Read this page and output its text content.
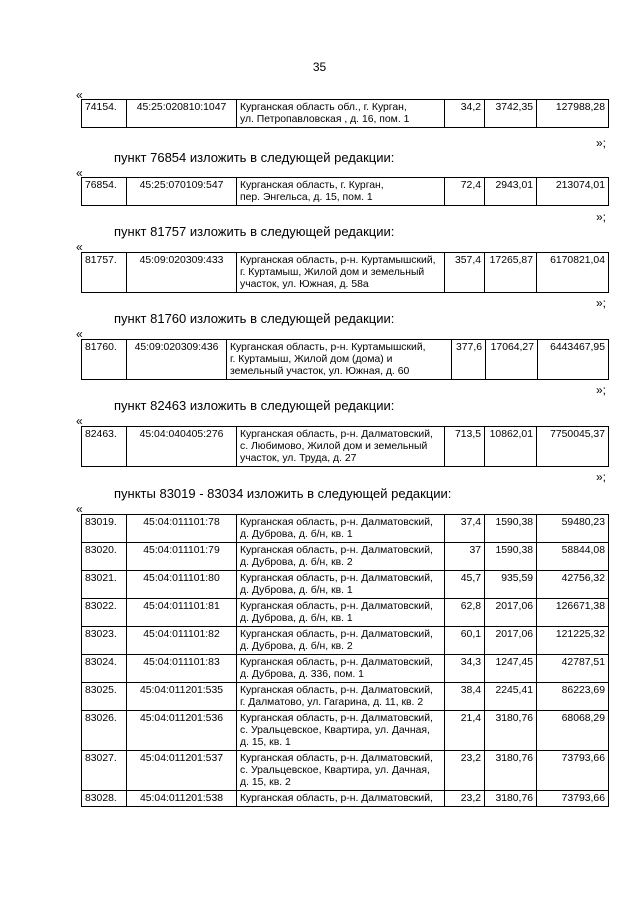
35
«
74154.	45:25:020810:1047	Курганская область обл., г. Курган,
ул. Петропавловская , д. 16, пом. 1
	34,2	3742,35	127988,28
»;
пункт 76854 изложить в следующей редакции:
«
76854.	45:25:070109:547	Курганская область, г. Курган,
пер. Энгельса, д. 15, пом. 1
	72,4	2943,01	213074,01
»;
пункт 81757 изложить в следующей редакции:
«
81757.	45:09:020309:433	Курганская область, р-н. Куртамышский,
г. Куртамыш, Жилой дом и земельный
участок, ул. Южная, д. 58а
	357,4	17265,87	6170821,04
»;
пункт 81760 изложить в следующей редакции:
«
81760.	45:09:020309:436	Курганская область, р-н. Куртамышский,
г. Куртамыш, Жилой дом (дома) и
земельный участок, ул. Южная, д. 60
	377,6	17064,27	6443467,95
»;
пункт 82463 изложить в следующей редакции:
«
82463.	45:04:040405:276	Курганская область, р-н. Далматовский,
с. Любимово, Жилой дом и земельный
участок, ул. Труда, д. 27
	713,5	10862,01	7750045,37
»;
пункты 83019 - 83034 изложить в следующей редакции:
«
83019.	45:04:011101:78	Курганская область, р-н. Далматовский,
д. Дуброва, д. б/н, кв. 1	37,4	1590,38	59480,23
83020.	45:04:011101:79	Курганская область, р-н. Далматовский,
д. Дуброва, д. б/н, кв. 2	37	1590,38	58844,08
83021.	45:04:011101:80	Курганская область, р-н. Далматовский,
д. Дуброва, д. б/н, кв. 1	45,7	935,59	42756,32
83022.	45:04:011101:81	Курганская область, р-н. Далматовский,
д. Дуброва, д. б/н, кв. 1	62,8	2017,06	126671,38
83023.	45:04:011101:82	Курганская область, р-н. Далматовский,
д. Дуброва, д. б/н, кв. 2	60,1	2017,06	121225,32
83024.	45:04:011101:83	Курганская область, р-н. Далматовский,
д. Дуброва, д. 336, пом. 1	34,3	1247,45	42787,51
83025.	45:04:011201:535	Курганская область, р-н. Далматовский,
г. Далматово, ул. Гагарина, д. 11, кв. 2	38,4	2245,41	86223,69
83026.	45:04:011201:536	Курганская область, р-н. Далматовский,
с. Уральцевское, Квартира, ул. Дачная,
д. 15, кв. 1	21,4	3180,76	68068,29
83027.	45:04:011201:537	Курганская область, р-н. Далматовский,
с. Уральцевское, Квартира, ул. Дачная,
д. 15, кв. 2	23,2	3180,76	73793,66
83028.	45:04:011201:538	Курганская область, р-н. Далматовский,	23,2	3180,76	73793,66
